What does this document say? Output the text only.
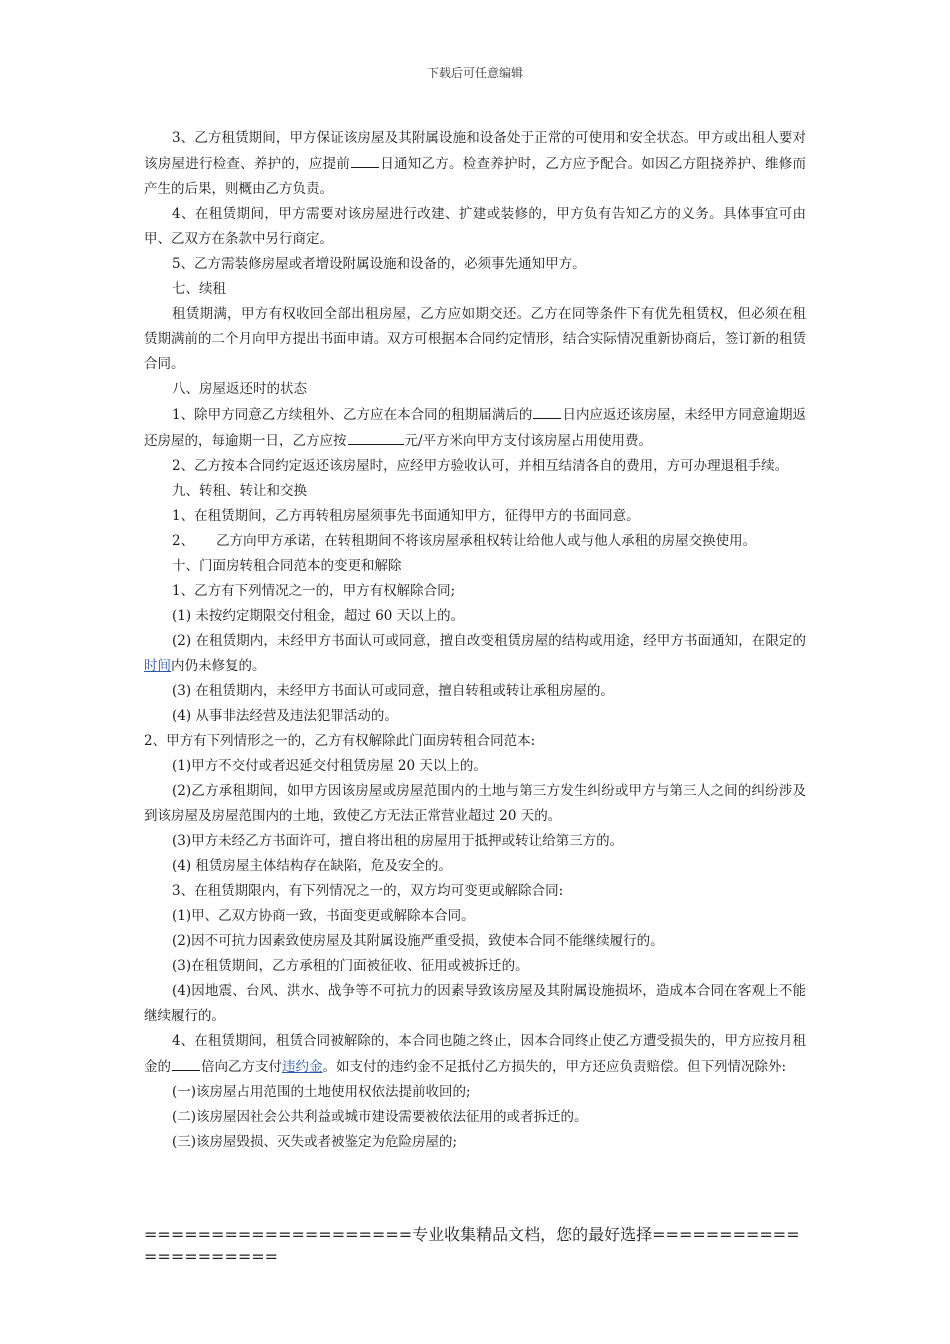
下载后可任意编辑

3、乙方租赁期间，甲方保证该房屋及其附属设施和设备处于正常的可使用和安全状态。甲方或出租人要对该房屋进行检查、养护的，应提前 日通知乙方。检查养护时，乙方应予配合。如因乙方阻挠养护、维修而产生的后果，则概由乙方负责。

4、在租赁期间，甲方需要对该房屋进行改建、扩建或装修的，甲方负有告知乙方的义务。具体事宜可由甲、乙双方在条款中另行商定。

5、乙方需装修房屋或者增设附属设施和设备的，必须事先通知甲方。

七、续租

租赁期满，甲方有权收回全部出租房屋，乙方应如期交还。乙方在同等条件下有优先租赁权，但必须在租赁期满前的二个月向甲方提出书面申请。双方可根据本合同约定情形，结合实际情况重新协商后，签订新的租赁合同。

八、房屋返还时的状态

1、除甲方同意乙方续租外、乙方应在本合同的租期届满后的 日内应返还该房屋，未经甲方同意逾期返还房屋的，每逾期一日，乙方应按	元/平方米向甲方支付该房屋占用使用费。

2、乙方按本合同约定返还该房屋时，应经甲方验收认可，并相互结清各自的费用，方可办理退租手续。

九、转租、转让和交换

1、在租赁期间，乙方再转租房屋须事先书面通知甲方，征得甲方的书面同意。

2、 乙方向甲方承诺，在转租期间不将该房屋承租权转让给他人或与他人承租的房屋交换使用。

十、门面房转租合同范本的变更和解除

1、乙方有下列情况之一的，甲方有权解除合同;

(1) 未按约定期限交付租金，超过 60 天以上的。

(2) 在租赁期内，未经甲方书面认可或同意，擅自改变租赁房屋的结构或用途，经甲方书面通知，在限定的时间内仍未修复的。

(3) 在租赁期内，未经甲方书面认可或同意，擅自转租或转让承租房屋的。

(4) 从事非法经营及违法犯罪活动的。

2、甲方有下列情形之一的，乙方有权解除此门面房转租合同范本:

(1)甲方不交付或者迟延交付租赁房屋 20 天以上的。

(2)乙方承租期间，如甲方因该房屋或房屋范围内的土地与第三方发生纠纷或甲方与第三人之间的纠纷涉及到该房屋及房屋范围内的土地，致使乙方无法正常营业超过 20 天的。

(3)甲方未经乙方书面许可，擅自将出租的房屋用于抵押或转让给第三方的。

(4) 租赁房屋主体结构存在缺陷，危及安全的。

3、在租赁期限内，有下列情况之一的，双方均可变更或解除合同:

(1)甲、乙双方协商一致，书面变更或解除本合同。

(2)因不可抗力因素致使房屋及其附属设施严重受损，致使本合同不能继续履行的。

(3)在租赁期间，乙方承租的门面被征收、征用或被拆迁的。

(4)因地震、台风、洪水、战争等不可抗力的因素导致该房屋及其附属设施损坏，造成本合同在客观上不能继续履行的。

4、在租赁期间，租赁合同被解除的，本合同也随之终止，因本合同终止使乙方遭受损失的，甲方应按月租金的 倍向乙方支付违约金。如支付的违约金不足抵付乙方损失的，甲方还应负责赔偿。但下列情况除外:

(一)该房屋占用范围的土地使用权依法提前收回的;

(二)该房屋因社会公共利益或城市建设需要被依法征用的或者拆迁的。

(三)该房屋毁损、灭失或者被鉴定为危险房屋的;

====================专业收集精品文档，您的最好选择=====================
